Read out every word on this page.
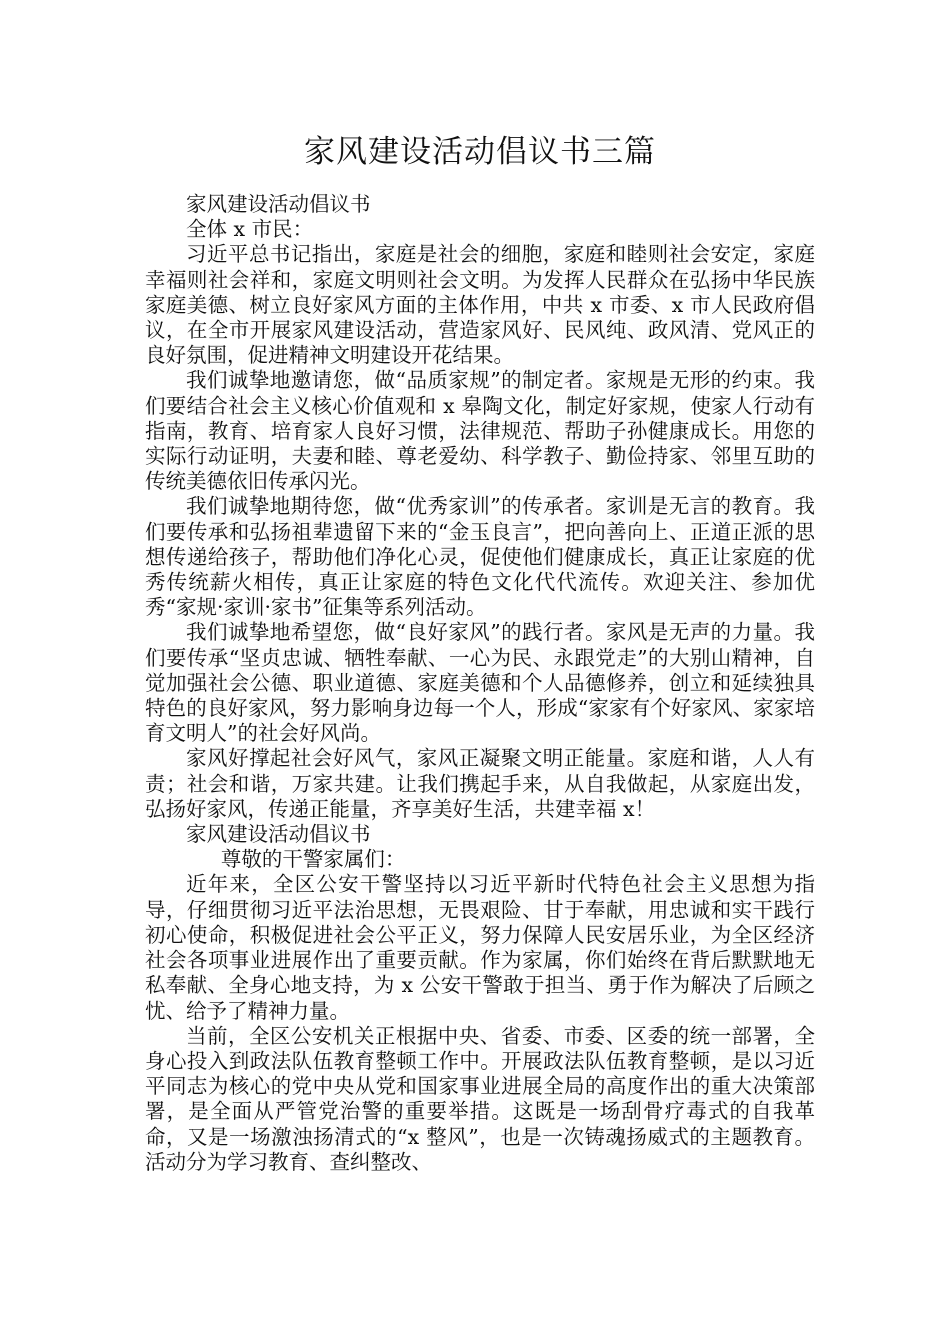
家风建设活动倡议书三篇

家风建设活动倡议书

全体 x 市民：

习近平总书记指出，家庭是社会的细胞，家庭和睦则社会安定，家庭幸福则社会祥和，家庭文明则社会文明。为发挥人民群众在弘扬中华民族家庭美德、树立良好家风方面的主体作用，中共 x 市委、x 市人民政府倡议，在全市开展家风建设活动，营造家风好、民风纯、政风清、党风正的良好氛围，促进精神文明建设开花结果。

我们诚挚地邀请您，做“品质家规”的制定者。家规是无形的约束。我们要结合社会主义核心价值观和 x 皋陶文化，制定好家规，使家人行动有指南，教育、培育家人良好习惯，法律规范、帮助子孙健康成长。用您的实际行动证明，夫妻和睦、尊老爱幼、科学教子、勤俭持家、邻里互助的传统美德依旧传承闪光。

我们诚挚地期待您，做“优秀家训”的传承者。家训是无言的教育。我们要传承和弘扬祖辈遗留下来的“金玉良言”，把向善向上、正道正派的思想传递给孩子，帮助他们净化心灵，促使他们健康成长，真正让家庭的优秀传统薪火相传，真正让家庭的特色文化代代流传。欢迎关注、参加优秀“家规·家训·家书”征集等系列活动。

我们诚挚地希望您，做“良好家风”的践行者。家风是无声的力量。我们要传承“坚贞忠诚、牺牲奉献、一心为民、永跟党走”的大别山精神，自觉加强社会公德、职业道德、家庭美德和个人品德修养，创立和延续独具特色的良好家风，努力影响身边每一个人，形成“家家有个好家风、家家培育文明人”的社会好风尚。

家风好撑起社会好风气，家风正凝聚文明正能量。家庭和谐，人人有责；社会和谐，万家共建。让我们携起手来，从自我做起，从家庭出发，弘扬好家风，传递正能量，齐享美好生活，共建幸福 x！

家风建设活动倡议书

尊敬的干警家属们：

近年来，全区公安干警坚持以习近平新时代特色社会主义思想为指导，仔细贯彻习近平法治思想，无畏艰险、甘于奉献，用忠诚和实干践行初心使命，积极促进社会公平正义，努力保障人民安居乐业，为全区经济社会各项事业进展作出了重要贡献。作为家属，你们始终在背后默默地无私奉献、全身心地支持，为 x 公安干警敢于担当、勇于作为解决了后顾之忧、给予了精神力量。

当前，全区公安机关正根据中央、省委、市委、区委的统一部署，全身心投入到政法队伍教育整顿工作中。开展政法队伍教育整顿，是以习近平同志为核心的党中央从党和国家事业进展全局的高度作出的重大决策部署，是全面从严管党治警的重要举措。这既是一场刮骨疗毒式的自我革命，又是一场激浊扬清式的“x 整风”，也是一次铸魂扬威式的主题教育。活动分为学习教育、查纠整改、
